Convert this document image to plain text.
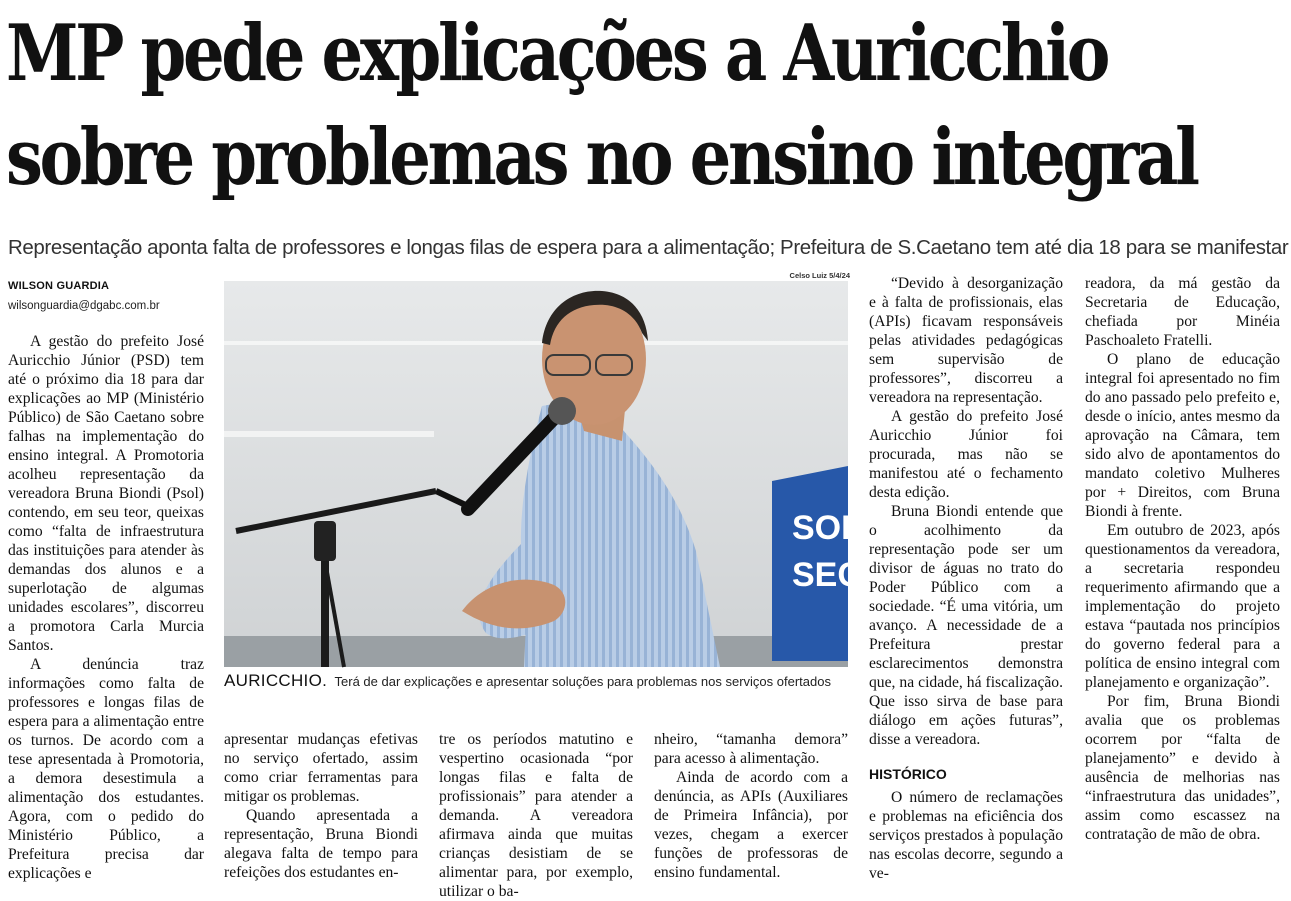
MP pede explicações a Auricchio
sobre problemas no ensino integral

Representação aponta falta de professores e longas filas de espera para a alimentação; Prefeitura de S.Caetano tem até dia 18 para se manifestar

WILSON GUARDIA

wilsonguardia@dgabc.com.br

Celso Luiz 5/4/24

SOL
SEC

AURICCHIO. Terá de dar explicações e apresentar soluções para problemas nos serviços ofertados

A gestão do prefeito José Auricchio Júnior (PSD) tem até o próximo dia 18 para dar explicações ao MP (Ministério Público) de São Caetano sobre falhas na implementação do ensino integral. A Promotoria acolheu representação da vereadora Bruna Biondi (Psol) contendo, em seu teor, queixas como “falta de infraestrutura das instituições para atender às demandas dos alunos e a superlotação de algumas unidades escolares”, discorreu a promotora Carla Murcia Santos.

A denúncia traz informações como falta de professores e longas filas de espera para a alimentação entre os turnos. De acordo com a tese apresentada à Promotoria, a demora desestimula a alimentação dos estudantes. Agora, com o pedido do Ministério Público, a Prefeitura precisa dar explicações e

apresentar mudanças efetivas no serviço ofertado, assim como criar ferramentas para mitigar os problemas.

Quando apresentada a representação, Bruna Biondi alegava falta de tempo para refeições dos estudantes en-

tre os períodos matutino e vespertino ocasionada “por longas filas e falta de profissionais” para atender a demanda. A vereadora afirmava ainda que muitas crianças desistiam de se alimentar para, por exemplo, utilizar o ba-

nheiro, “tamanha demora” para acesso à alimentação.

Ainda de acordo com a denúncia, as APIs (Auxiliares de Primeira Infância), por vezes, chegam a exercer funções de professoras de ensino fundamental.

“Devido à desorganização e à falta de profissionais, elas (APIs) ficavam responsáveis pelas atividades pedagógicas sem supervisão de professores”, discorreu a vereadora na representação.

A gestão do prefeito José Auricchio Júnior foi procurada, mas não se manifestou até o fechamento desta edição.

Bruna Biondi entende que o acolhimento da representação pode ser um divisor de águas no trato do Poder Público com a sociedade. “É uma vitória, um avanço. A necessidade de a Prefeitura prestar esclarecimentos demonstra que, na cidade, há fiscalização. Que isso sirva de base para diálogo em ações futuras”, disse a vereadora.

HISTÓRICO

O número de reclamações e problemas na eficiência dos serviços prestados à população nas escolas decorre, segundo a ve-

readora, da má gestão da Secretaria de Educação, chefiada por Minéia Paschoaleto Fratelli.

O plano de educação integral foi apresentado no fim do ano passado pelo prefeito e, desde o início, antes mesmo da aprovação na Câmara, tem sido alvo de apontamentos do mandato coletivo Mulheres por + Direitos, com Bruna Biondi à frente.

Em outubro de 2023, após questionamentos da vereadora, a secretaria respondeu requerimento afirmando que a implementação do projeto estava “pautada nos princípios do governo federal para a política de ensino integral com planejamento e organização”.

Por fim, Bruna Biondi avalia que os problemas ocorrem por “falta de planejamento” e devido à ausência de melhorias nas “infraestrutura das unidades”, assim como escassez na contratação de mão de obra.
